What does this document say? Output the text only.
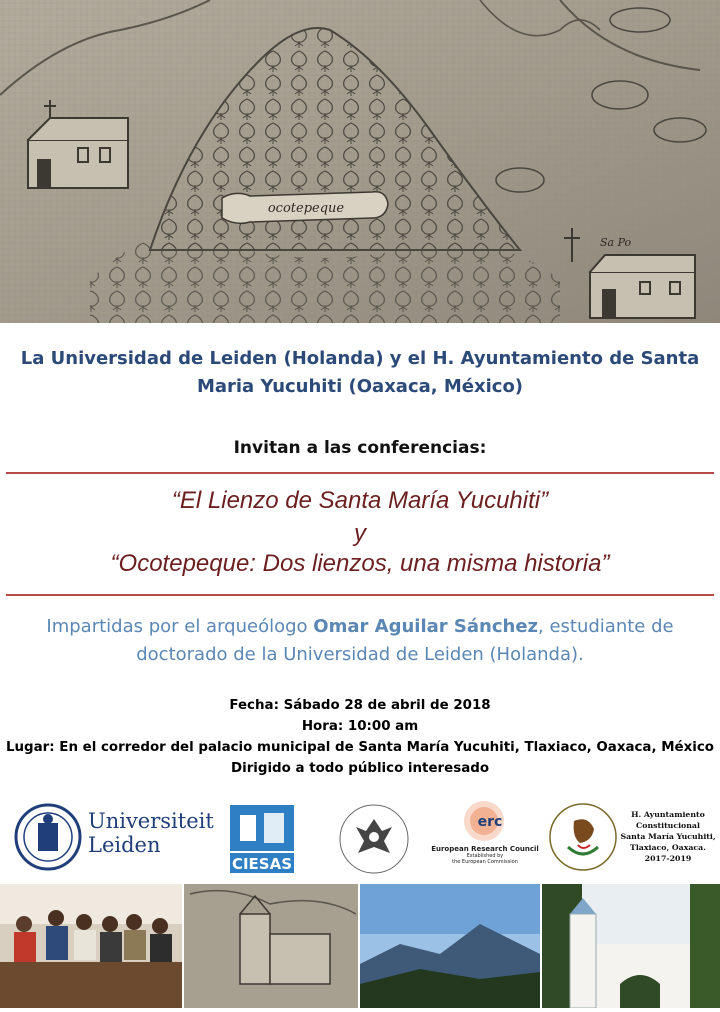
ocotepeque
Sa Po
La Universidad de Leiden (Holanda) y el H. Ayuntamiento de Santa
Maria Yucuhiti (Oaxaca, México)
Invitan a las conferencias:
“El Lienzo de Santa María Yucuhiti”
y
“Ocotepeque: Dos lienzos, una misma historia”
Impartidas por el arqueólogo Omar Aguilar Sánchez, estudiante de
doctorado de la Universidad de Leiden (Holanda).
Fecha: Sábado 28 de abril de 2018
Hora: 10:00 am
Lugar: En el corredor del palacio municipal de Santa María Yucuhiti, Tlaxiaco, Oaxaca, México
Dirigido a todo público interesado
Universiteit
Leiden
CIESAS
erc
European Research Council
Established by
the European Commission
H. Ayuntamiento
Constitucional
Santa María Yucuhiti,
Tlaxiaco, Oaxaca.
2017-2019
